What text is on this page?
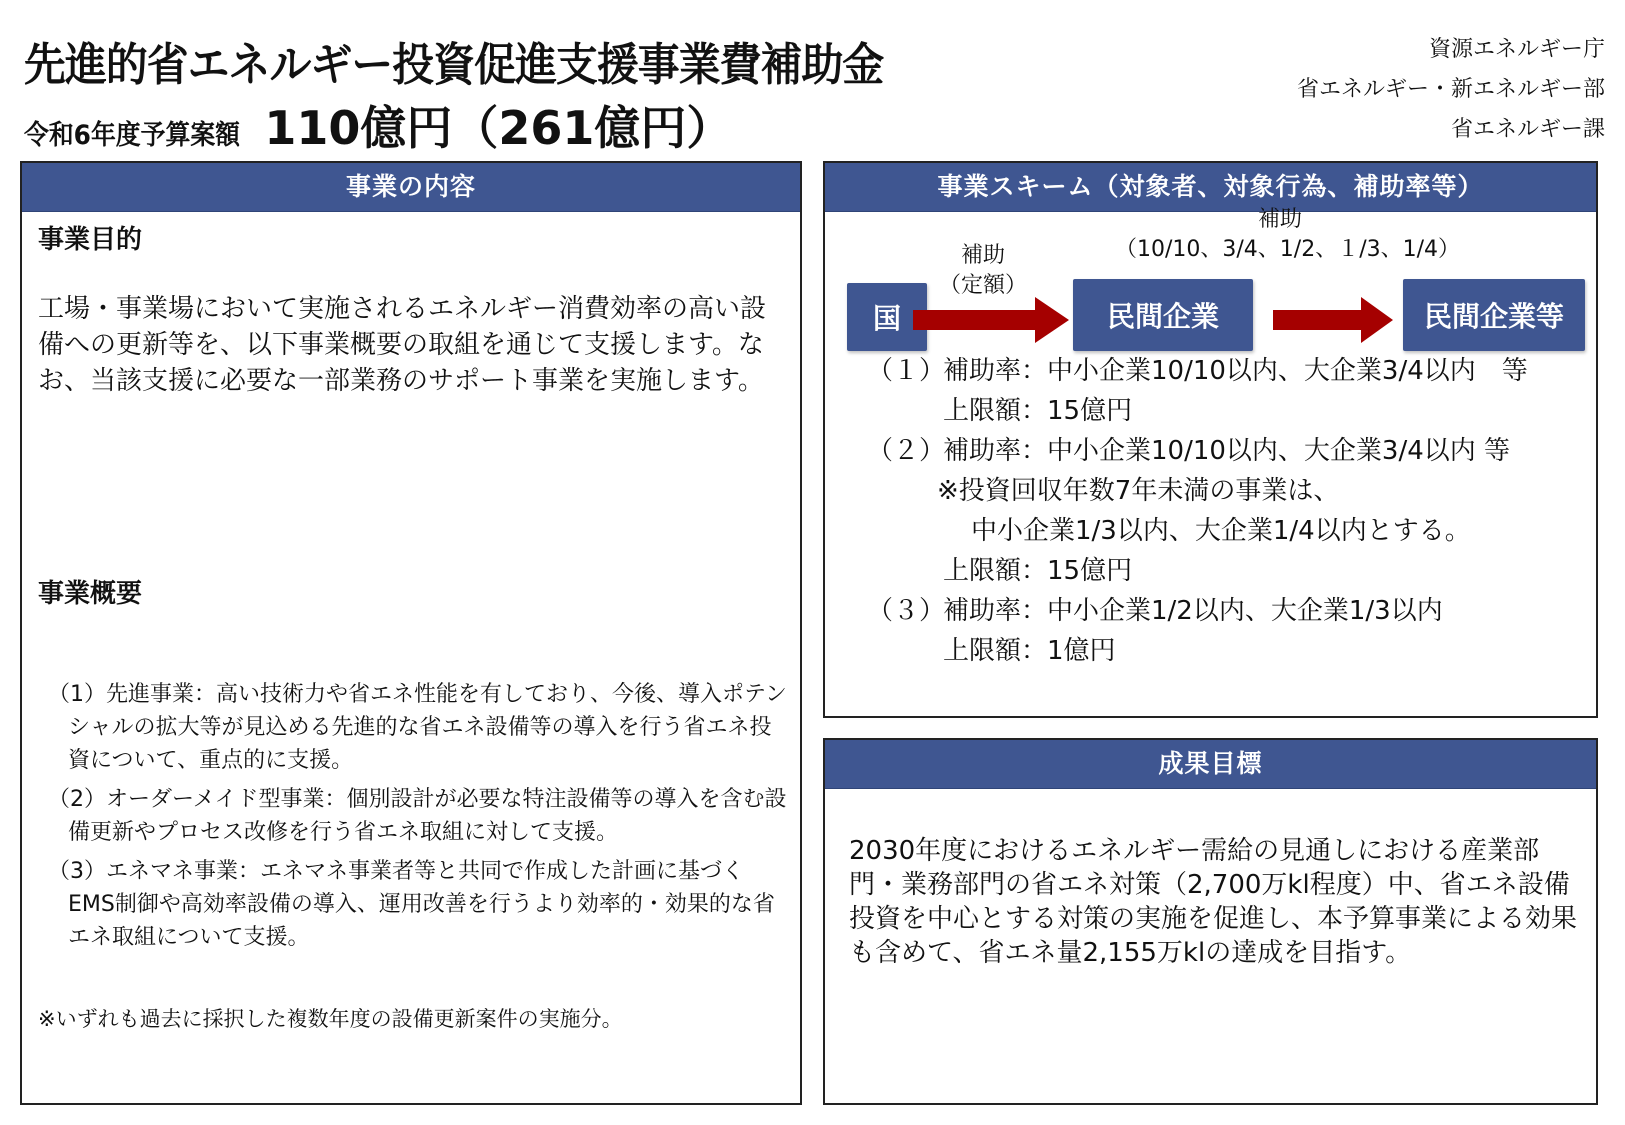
先進的省エネルギー投資促進支援事業費補助金
令和6年度予算案額 110億円（261億円）
資源エネルギー庁
省エネルギー・新エネルギー部
省エネルギー課
事業の内容
事業目的
工場・事業場において実施されるエネルギー消費効率の高い設備への更新等を、以下事業概要の取組を通じて支援します。なお、当該支援に必要な一部業務のサポート事業を実施します。
事業概要
（1）先進事業：高い技術力や省エネ性能を有しており、今後、導入ポテンシャルの拡大等が見込める先進的な省エネ設備等の導入を行う省エネ投資について、重点的に支援。
（2）オーダーメイド型事業：個別設計が必要な特注設備等の導入を含む設備更新やプロセス改修を行う省エネ取組に対して支援。
（3）エネマネ事業：エネマネ事業者等と共同で作成した計画に基づくEMS制御や高効率設備の導入、運用改善を行うより効率的・効果的な省エネ取組について支援。
※いずれも過去に採択した複数年度の設備更新案件の実施分。
事業スキーム（対象者、対象行為、補助率等）
補助
（定額）
補助
（10/10、3/4、1/2、１/3、1/4）
国	民間企業	民間企業等
（１）補助率：中小企業10/10以内、大企業3/4以内　等
上限額：15億円
（２）補助率：中小企業10/10以内、大企業3/4以内 等
※投資回収年数7年未満の事業は、
中小企業1/3以内、大企業1/4以内とする。
上限額：15億円
（３）補助率：中小企業1/2以内、大企業1/3以内
上限額：1億円
成果目標
2030年度におけるエネルギー需給の見通しにおける産業部門・業務部門の省エネ対策（2,700万kl程度）中、省エネ設備投資を中心とする対策の実施を促進し、本予算事業による効果も含めて、省エネ量2,155万klの達成を目指す。
